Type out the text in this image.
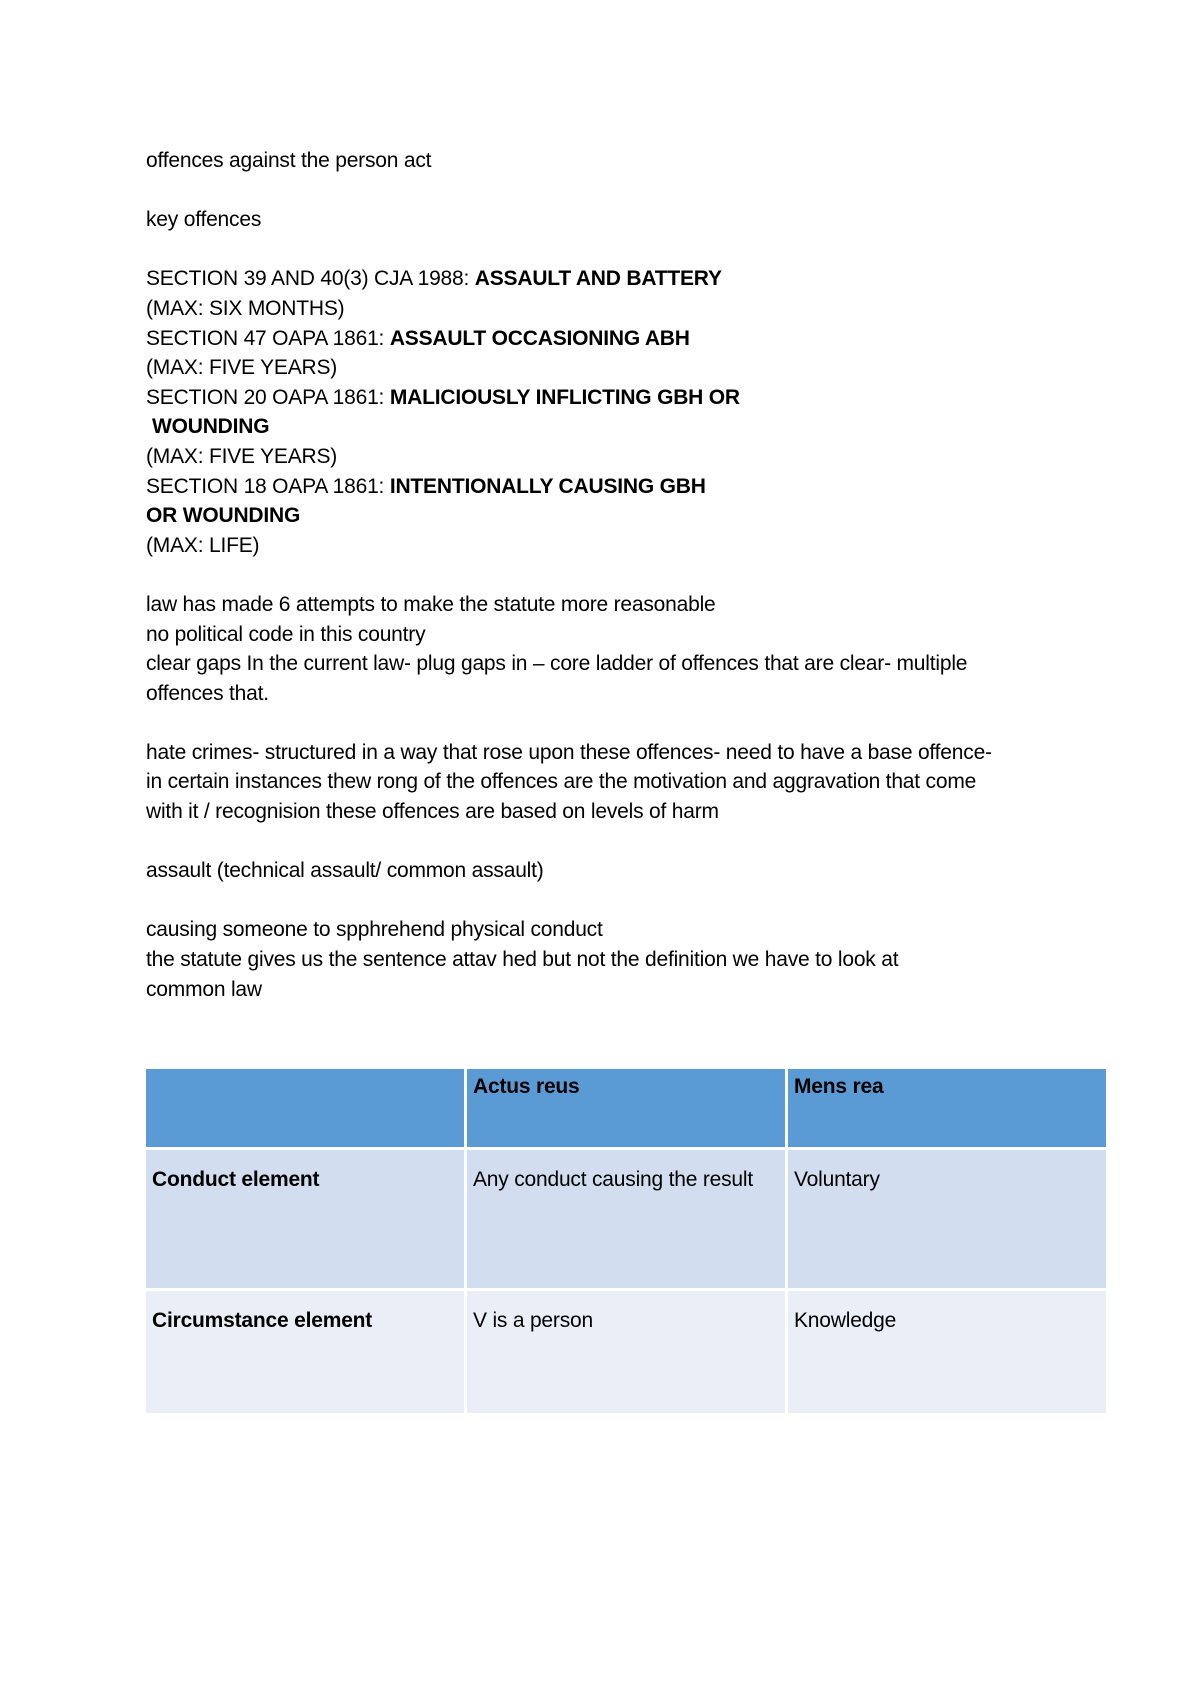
offences against the person act
key offences
SECTION 39 AND 40(3) CJA 1988: ASSAULT AND BATTERY
(MAX: SIX MONTHS)
SECTION 47 OAPA 1861: ASSAULT OCCASIONING ABH
(MAX: FIVE YEARS)
SECTION 20 OAPA 1861: MALICIOUSLY INFLICTING GBH OR
WOUNDING
(MAX: FIVE YEARS)
SECTION 18 OAPA 1861: INTENTIONALLY CAUSING GBH
OR WOUNDING
(MAX: LIFE)
law has made 6 attempts to make the statute more reasonable
no political code in this country
clear gaps In the current law- plug gaps in – core ladder of offences that are clear- multiple
offences that.
hate crimes- structured in a way that rose upon these offences- need to have a base offence-
in certain instances thew rong of the offences are the motivation and aggravation that come
with it / recognision these offences are based on levels of harm
assault (technical assault/ common assault)
causing someone to spphrehend physical conduct
the statute gives us the sentence attav hed but not the definition we have to look at
common law
	Actus reus	Mens rea
Conduct element	Any conduct causing the result	Voluntary
Circumstance element	V is a person	Knowledge
